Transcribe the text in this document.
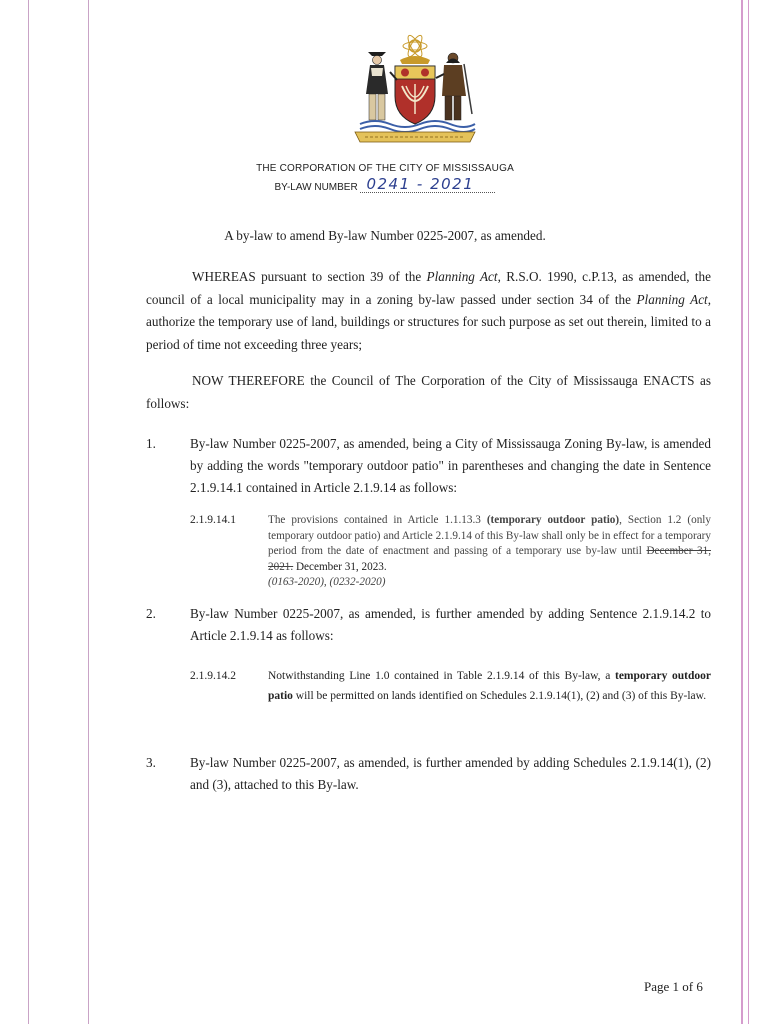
THE CORPORATION OF THE CITY OF MISSISSAUGA
BY-LAW NUMBER 0241 - 2021
A by-law to amend By-law Number 0225-2007, as amended.
WHEREAS pursuant to section 39 of the Planning Act, R.S.O. 1990, c.P.13, as amended, the council of a local municipality may in a zoning by-law passed under section 34 of the Planning Act, authorize the temporary use of land, buildings or structures for such purpose as set out therein, limited to a period of time not exceeding three years;
NOW THEREFORE the Council of The Corporation of the City of Mississauga ENACTS as follows:
1.	By-law Number 0225-2007, as amended, being a City of Mississauga Zoning By-law, is amended by adding the words "temporary outdoor patio" in parentheses and changing the date in Sentence 2.1.9.14.1 contained in Article 2.1.9.14 as follows:
2.1.9.14.1	The provisions contained in Article 1.1.13.3 (temporary outdoor patio), Section 1.2 (only temporary outdoor patio) and Article 2.1.9.14 of this By-law shall only be in effect for a temporary period from the date of enactment and passing of a temporary use by-law until December 31, 2021. December 31, 2023.
(0163-2020), (0232-2020)
2.	By-law Number 0225-2007, as amended, is further amended by adding Sentence 2.1.9.14.2 to Article 2.1.9.14 as follows:
2.1.9.14.2	Notwithstanding Line 1.0 contained in Table 2.1.9.14 of this By-law, a temporary outdoor patio will be permitted on lands identified on Schedules 2.1.9.14(1), (2) and (3) of this By-law.
3.	By-law Number 0225-2007, as amended, is further amended by adding Schedules 2.1.9.14(1), (2) and (3), attached to this By-law.
Page 1 of 6
